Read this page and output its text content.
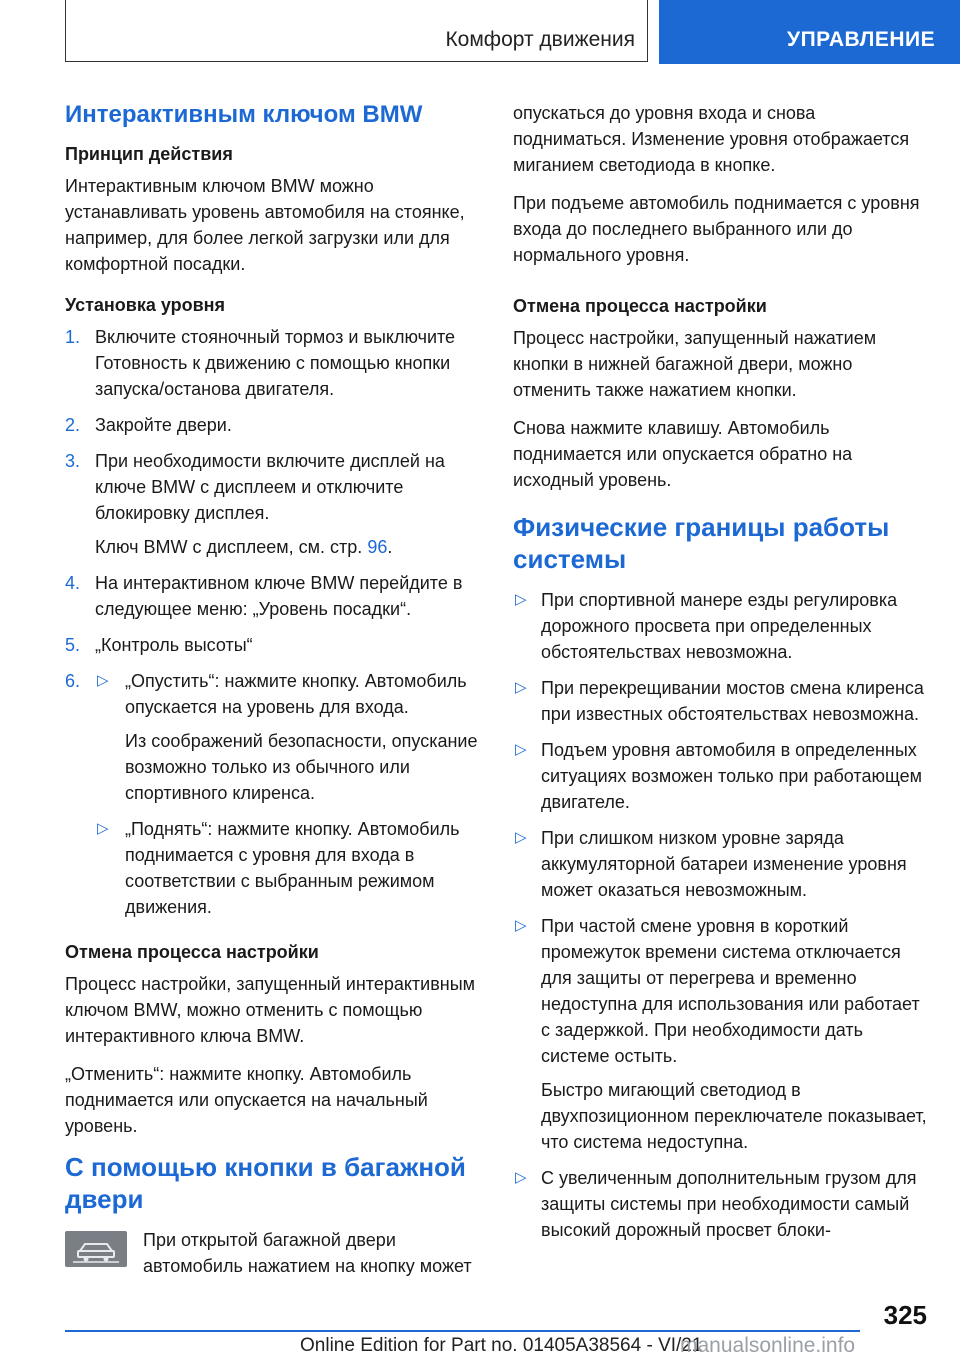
Комфорт движения	УПРАВЛЕНИЕ
Интерактивным ключом BMW
Принцип действия
Интерактивным ключом BMW можно устанавливать уровень автомобиля на стоянке, например, для более легкой загрузки или для комфортной посадки.
Установка уровня
1. Включите стояночный тормоз и выключите Готовность к движению с помощью кнопки запуска/останова двигателя.
2. Закройте двери.
3. При необходимости включите дисплей на ключе BMW с дисплеем и отключите блокировку дисплея.
Ключ BMW с дисплеем, см. стр. 96.
4. На интерактивном ключе BMW перейдите в следующее меню: „Уровень посадки“.
5. „Контроль высоты“
6. ▷ „Опустить“: нажмите кнопку. Автомобиль опускается на уровень для входа.
Из соображений безопасности, опускание возможно только из обычного или спортивного клиренса.
▷ „Поднять“: нажмите кнопку. Автомобиль поднимается с уровня для входа в соответствии с выбранным режимом движения.
Отмена процесса настройки
Процесс настройки, запущенный интерактивным ключом BMW, можно отменить с помощью интерактивного ключа BMW.
„Отменить“: нажмите кнопку. Автомобиль поднимается или опускается на начальный уровень.
С помощью кнопки в багажной двери
При открытой багажной двери автомобиль нажатием на кнопку может
опускаться до уровня входа и снова подниматься. Изменение уровня отображается миганием светодиода в кнопке.
При подъеме автомобиль поднимается с уровня входа до последнего выбранного или до нормального уровня.
Отмена процесса настройки
Процесс настройки, запущенный нажатием кнопки в нижней багажной двери, можно отменить также нажатием кнопки.
Снова нажмите клавишу. Автомобиль поднимается или опускается обратно на исходный уровень.
Физические границы работы системы
▷ При спортивной манере езды регулировка дорожного просвета при определенных обстоятельствах невозможна.
▷ При перекрещивании мостов смена клиренса при известных обстоятельствах невозможна.
▷ Подъем уровня автомобиля в определенных ситуациях возможен только при работающем двигателе.
▷ При слишком низком уровне заряда аккумуляторной батареи изменение уровня может оказаться невозможным.
▷ При частой смене уровня в короткий промежуток времени система отключается для защиты от перегрева и временно недоступна для использования или работает с задержкой. При необходимости дать системе остыть.
Быстро мигающий светодиод в двухпозиционном переключателе показывает, что система недоступна.
▷ С увеличенным дополнительным грузом для защиты системы при необходимости самый высокий дорожный просвет блоки-
325
Online Edition for Part no. 01405A38564 - VI/21
manualsonline.info
